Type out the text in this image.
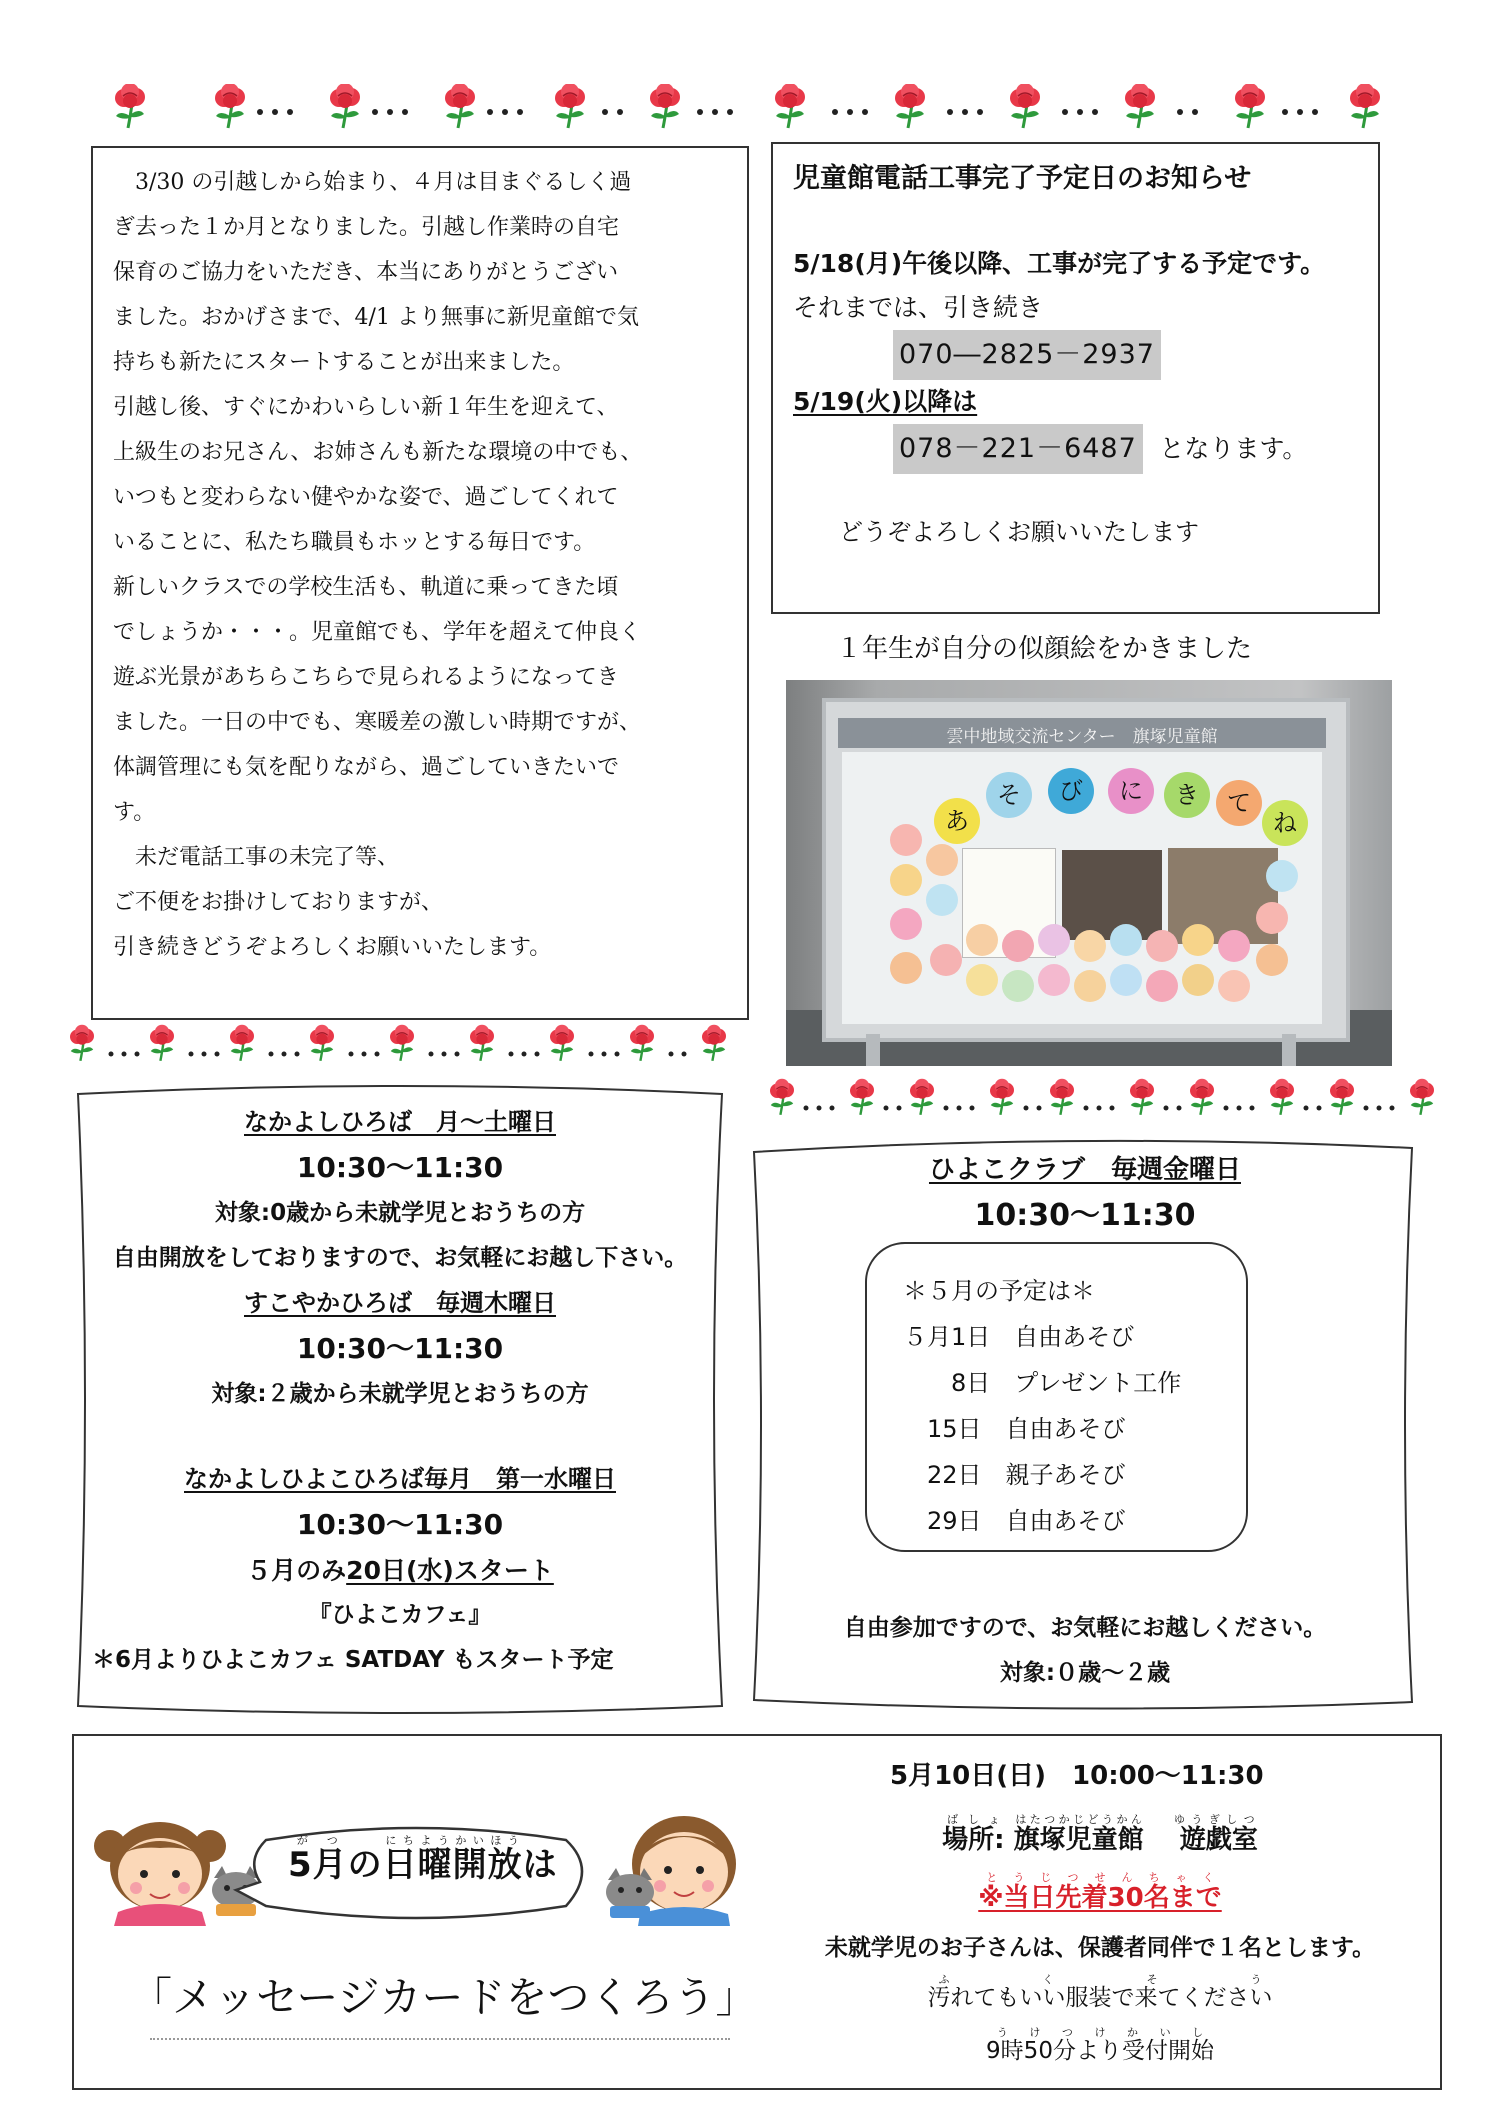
　3/30 の引越しから始まり、４月は目まぐるしく過

ぎ去った１か月となりました。引越し作業時の自宅

保育のご協力をいただき、本当にありがとうござい

ました。おかげさまで、4/1 より無事に新児童館で気

持ちも新たにスタートすることが出来ました。

引越し後、すぐにかわいらしい新１年生を迎えて、

上級生のお兄さん、お姉さんも新たな環境の中でも、

いつもと変わらない健やかな姿で、過ごしてくれて

いることに、私たち職員もホッとする毎日です。

新しいクラスでの学校生活も、軌道に乗ってきた頃

でしょうか・・・。児童館でも、学年を超えて仲良く

遊ぶ光景があちらこちらで見られるようになってき

ました。一日の中でも、寒暖差の激しい時期ですが、

体調管理にも気を配りながら、過ごしていきたいで

す。

　未だ電話工事の未完了等、

ご不便をお掛けしておりますが、

引き続きどうぞよろしくお願いいたします。

児童館電話工事完了予定日のお知らせ
5/18(月)午後以降、工事が完了する予定です。
それまでは、引き続き
070―2825－2937
5/19(火)以降は
078－221－6487 となります。
どうぞよろしくお願いいたします
１年生が自分の似顔絵をかきました
雲中地域交流センター　旗塚児童館
あ
そ	び	に	き	て
ね
なかよしひろば　月～土曜日
10:30～11:30
対象:0歳から未就学児とおうちの方
自由開放をしておりますので、お気軽にお越し下さい。
すこやかひろば　毎週木曜日
10:30～11:30
対象:２歳から未就学児とおうちの方
なかよしひよこひろば毎月　第一水曜日
10:30～11:30
５月のみ20日(水)スタート
『ひよこカフェ』
＊6月よりひよこカフェ SATDAY もスタート予定
ひよこクラブ　毎週金曜日
10:30～11:30
＊５月の予定は＊
５月1日　自由あそび
　　8日　プレゼント工作
　15日　自由あそび
　22日　親子あそび
　29日　自由あそび
自由参加ですので、お気軽にお越しください。
対象:０歳～２歳
5月がつの日曜開放にちようかいほうは
「メッセージカードをつくろう」
5月10日(日)　10:00～11:30
場所:ばしょ 旗塚児童館はたつかじどうかん    遊戯室ゆうぎしつ
※当日先着30名までとうじつせんちゃく
未就学児のお子さんは、保護者同伴で１名とします。
汚れてもいい服装で来てくださいふくそう
9時50分より受付開始うけつけかいし
